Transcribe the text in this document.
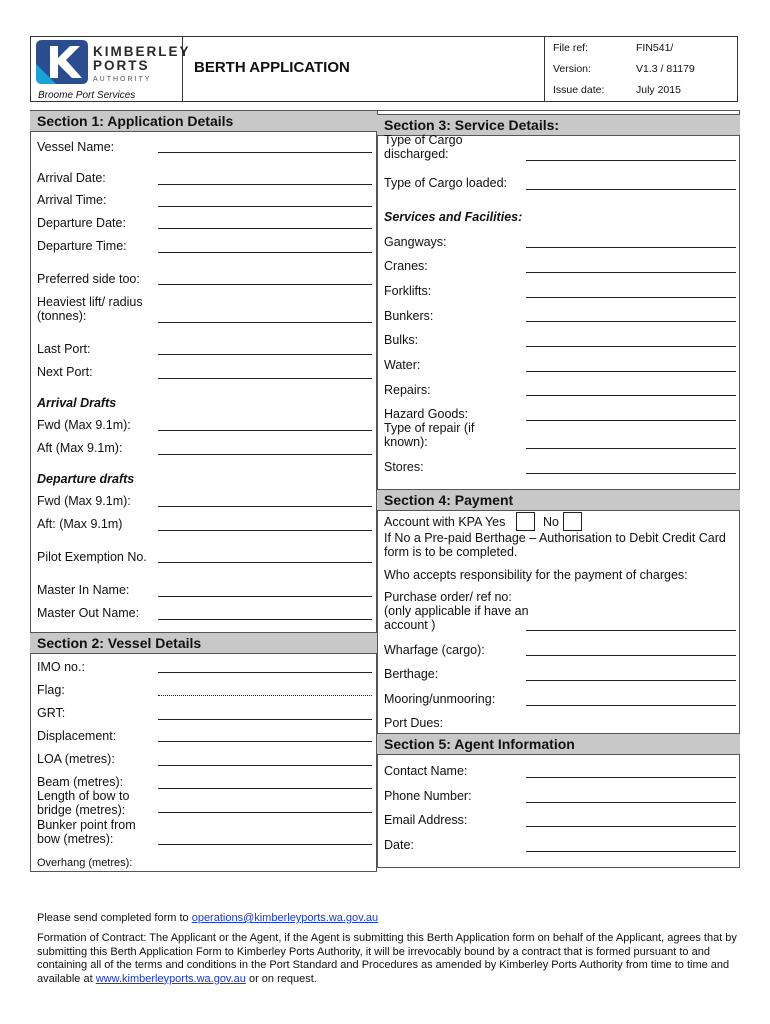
KIMBERLEY
PORTS
AUTHORITY
Broome Port Services
BERTH APPLICATION
File ref:	FIN541/
Version:	V1.3 / 81179
Issue date:	July 2015
Section 1: Application Details
Vessel Name:
Arrival Date:
Arrival Time:
Departure Date:
Departure Time:
Preferred side too:
Heaviest lift/ radius (tonnes):
Last Port:
Next Port:
Arrival Drafts
Fwd (Max 9.1m):
Aft (Max 9.1m):
Departure drafts
Fwd (Max 9.1m):
Aft: (Max 9.1m)
Pilot Exemption No.
Master In Name:
Master Out Name:
Section 2: Vessel Details
IMO no.:
Flag:
GRT:
Displacement:
LOA (metres):
Beam (metres):
Length of bow to bridge (metres):
Bunker point from bow (metres):
Overhang (metres):
Section 3: Service Details:
Type of Cargo discharged:
Type of Cargo loaded:
Services and Facilities:
Gangways:
Cranes:
Forklifts:
Bunkers:
Bulks:
Water:
Repairs:
Hazard Goods:
Type of repair (if known):
Stores:
Section 4: Payment
Account with KPA Yes	No
If No a Pre-paid Berthage – Authorisation to Debit Credit Card form is to be completed.
Who accepts responsibility for the payment of charges:
Purchase order/ ref no: (only applicable if have an account )
Wharfage (cargo):
Berthage:
Mooring/unmooring:
Port Dues:
Section 5: Agent Information
Contact Name:
Phone Number:
Email Address:
Date:
Please send completed form to operations@kimberleyports.wa.gov.au
Formation of Contract: The Applicant or the Agent, if the Agent is submitting this Berth Application form on behalf of the Applicant, agrees that by submitting this Berth Application Form to Kimberley Ports Authority, it will be irrevocably bound by a contract that is formed pursuant to and containing all of the terms and conditions in the Port Standard and Procedures as amended by Kimberley Ports Authority from time to time and available at www.kimberleyports.wa.gov.au or on request.
